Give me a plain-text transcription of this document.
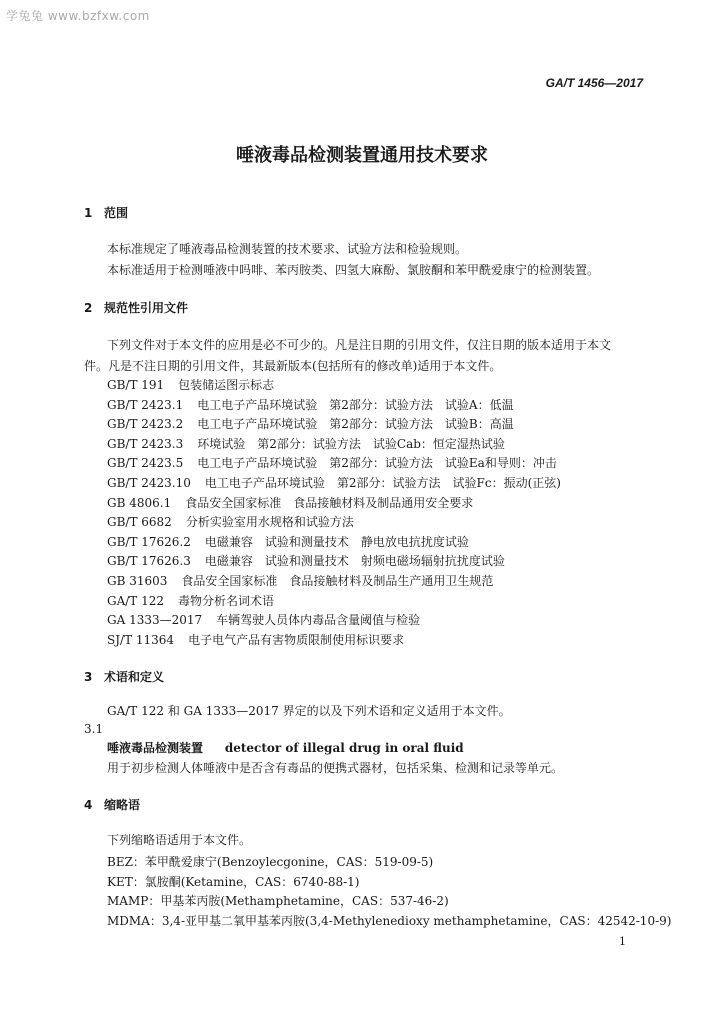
学兔兔 www.bzfxw.com
GA/T 1456—2017
唾液毒品检测装置通用技术要求
1 范围
本标准规定了唾液毒品检测装置的技术要求、试验方法和检验规则。
本标准适用于检测唾液中吗啡、苯丙胺类、四氢大麻酚、氯胺酮和苯甲酰爱康宁的检测装置。
2 规范性引用文件
下列文件对于本文件的应用是必不可少的。凡是注日期的引用文件，仅注日期的版本适用于本文
件。凡是不注日期的引用文件，其最新版本(包括所有的修改单)适用于本文件。
GB/T 191 包装储运图示标志
GB/T 2423.1 电工电子产品环境试验　第2部分：试验方法　试验A：低温
GB/T 2423.2 电工电子产品环境试验　第2部分：试验方法　试验B：高温
GB/T 2423.3 环境试验　第2部分：试验方法　试验Cab：恒定湿热试验
GB/T 2423.5 电工电子产品环境试验　第2部分：试验方法　试验Ea和导则：冲击
GB/T 2423.10 电工电子产品环境试验　第2部分：试验方法　试验Fc：振动(正弦)
GB 4806.1 食品安全国家标准　食品接触材料及制品通用安全要求
GB/T 6682 分析实验室用水规格和试验方法
GB/T 17626.2 电磁兼容　试验和测量技术　静电放电抗扰度试验
GB/T 17626.3 电磁兼容　试验和测量技术　射频电磁场辐射抗扰度试验
GB 31603 食品安全国家标准　食品接触材料及制品生产通用卫生规范
GA/T 122 毒物分析名词术语
GA 1333—2017 车辆驾驶人员体内毒品含量阈值与检验
SJ/T 11364 电子电气产品有害物质限制使用标识要求
3 术语和定义
GA/T 122 和 GA 1333—2017 界定的以及下列术语和定义适用于本文件。
3.1
唾液毒品检测装置 detector of illegal drug in oral fluid
用于初步检测人体唾液中是否含有毒品的便携式器材，包括采集、检测和记录等单元。
4 缩略语
下列缩略语适用于本文件。
BEZ：苯甲酰爱康宁(Benzoylecgonine，CAS：519-09-5)
KET：氯胺酮(Ketamine，CAS：6740-88-1)
MAMP：甲基苯丙胺(Methamphetamine，CAS：537-46-2)
MDMA：3,4-亚甲基二氧甲基苯丙胺(3,4-Methylenedioxy methamphetamine，CAS：42542-10-9)
1
